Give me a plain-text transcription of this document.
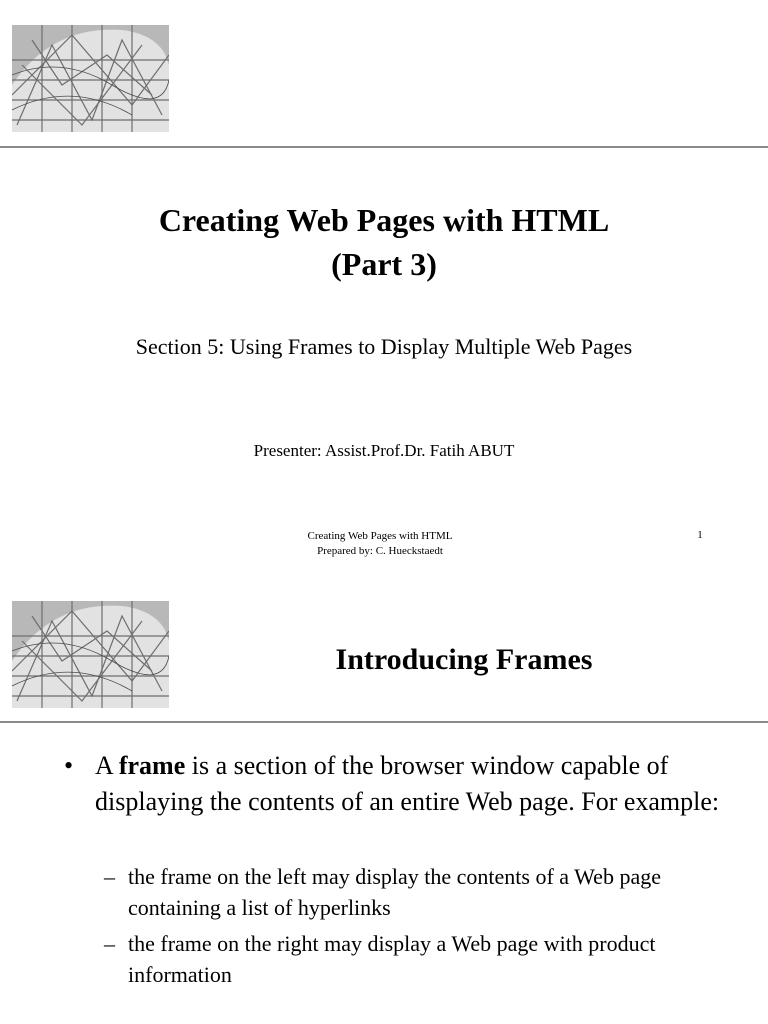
Creating Web Pages with HTML
(Part 3)
Section 5: Using Frames to Display Multiple Web Pages
Presenter: Assist.Prof.Dr. Fatih ABUT
Creating Web Pages with HTML
Prepared by: C. Hueckstaedt
1
Introducing Frames
• A frame is a section of the browser window capable of displaying the contents of an entire Web page. For example:
– the frame on the left may display the contents of a Web page containing a list of hyperlinks
– the frame on the right may display a Web page with product information
